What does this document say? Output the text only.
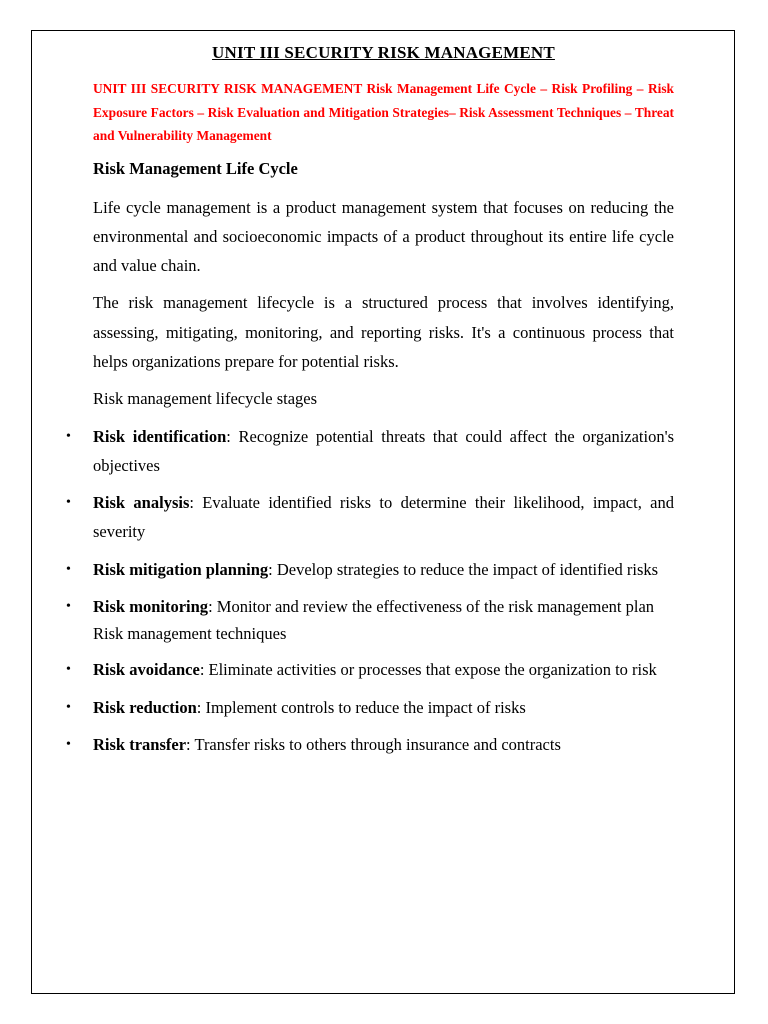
UNIT III SECURITY RISK MANAGEMENT

UNIT III SECURITY RISK MANAGEMENT Risk Management Life Cycle – Risk Profiling – Risk Exposure Factors – Risk Evaluation and Mitigation Strategies– Risk Assessment Techniques – Threat and Vulnerability Management

Risk Management Life Cycle

Life cycle management is a product management system that focuses on reducing the environmental and socioeconomic impacts of a product throughout its entire life cycle and value chain.

The risk management lifecycle is a structured process that involves identifying, assessing, mitigating, monitoring, and reporting risks. It's a continuous process that helps organizations prepare for potential risks.

Risk management lifecycle stages

• Risk identification: Recognize potential threats that could affect the organization's objectives
• Risk analysis: Evaluate identified risks to determine their likelihood, impact, and severity
• Risk mitigation planning: Develop strategies to reduce the impact of identified risks
• Risk monitoring: Monitor and review the effectiveness of the risk management plan
Risk management techniques
• Risk avoidance: Eliminate activities or processes that expose the organization to risk
• Risk reduction: Implement controls to reduce the impact of risks
• Risk transfer: Transfer risks to others through insurance and contracts
